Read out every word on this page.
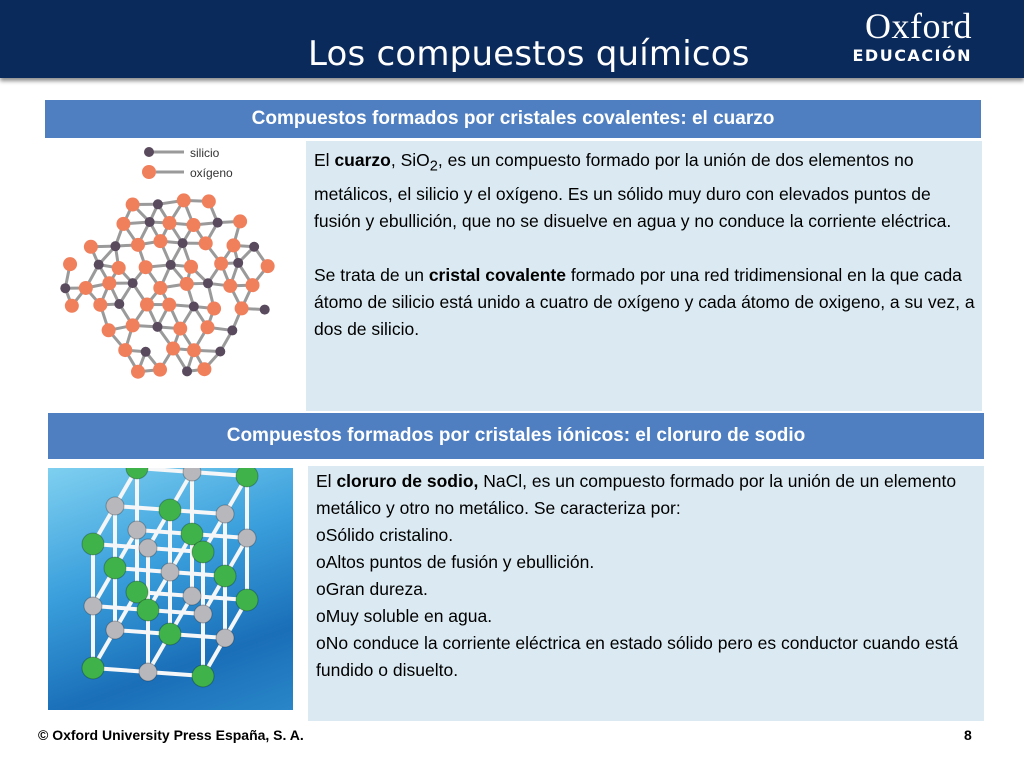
Los compuestos químicos
Oxford
EDUCACIÓN
Compuestos formados por cristales covalentes: el cuarzo
silicio
oxígeno

El cuarzo, SiO$_2$, es un compuesto formado por la unión de dos elementos no metálicos, el silicio y el oxígeno. Es un sólido muy duro con elevados puntos de fusión y ebullición, que no se disuelve en agua y no conduce la corriente eléctrica.

Se trata de un cristal covalente formado por una red tridimensional en la que cada átomo de silicio está unido a cuatro de oxígeno y cada átomo de oxigeno, a su vez, a dos de silicio.

Compuestos formados por cristales iónicos: el cloruro de sodio

El cloruro de sodio, NaCl, es un compuesto formado por la unión de un elemento metálico y otro no metálico. Se caracteriza por:

oSólido cristalino.

oAltos puntos de fusión y ebullición.

oGran dureza.

oMuy soluble en agua.

oNo conduce la corriente eléctrica en estado sólido pero es conductor cuando está fundido o disuelto.

© Oxford University Press España, S. A.	8
